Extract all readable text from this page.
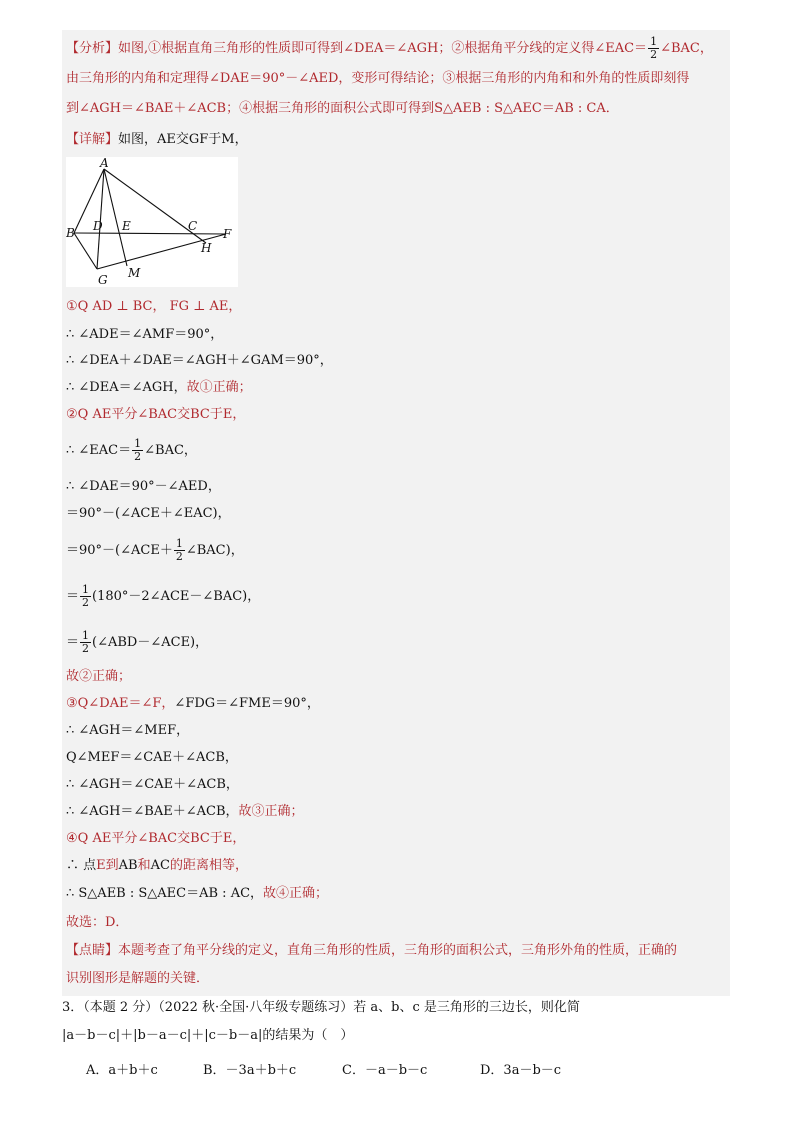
【分析】如图,①根据直角三角形的性质即可得到∠DEA＝∠AGH；②根据角平分线的定义得∠EAC＝ $\frac{1}{2}$ ∠BAC，
由三角形的内角和定理得∠DAE＝90°－∠AED，变形可得结论；③根据三角形的内角和和外角的性质即刻得
到∠AGH＝∠BAE＋∠ACB；④根据三角形的面积公式即可得到S△AEB : S△AEC＝AB : CA．
【详解】如图，AE交GF于M，
①Q AD ⊥ BC， FG ⊥ AE，
∴ ∠ADE＝∠AMF＝90°，
∴ ∠DEA＋∠DAE＝∠AGH＋∠GAM＝90°，
∴ ∠DEA＝∠AGH，故①正确；
②Q AE平分∠BAC交BC于E，
∴ ∠EAC＝ $\frac{1}{2}$ ∠BAC，
∴ ∠DAE＝90°－∠AED，
＝90°－(∠ACE＋∠EAC)，
＝90°－(∠ACE＋ $\frac{1}{2}$ ∠BAC)，
＝ $\frac{1}{2}$ (180°－2∠ACE－∠BAC)，
＝ $\frac{1}{2}$ (∠ABD－∠ACE)，
故②正确；
③Q∠DAE＝∠F，∠FDG＝∠FME＝90°，
∴ ∠AGH＝∠MEF，
Q∠MEF＝∠CAE＋∠ACB，
∴ ∠AGH＝∠CAE＋∠ACB，
∴ ∠AGH＝∠BAE＋∠ACB，故③正确；
④Q AE平分∠BAC交BC于E，
∴ 点E到AB和AC的距离相等，
∴ S△AEB : S△AEC＝AB : AC，故④正确；
故选：D．
【点睛】本题考查了角平分线的定义，直角三角形的性质，三角形的面积公式，三角形外角的性质，正确的
识别图形是解题的关键．
A
B D E	C
F
H
G M
3．（本题 2 分）（2022 秋·全国·八年级专题练习）若 a、b、c 是三角形的三边长，则化简
|a－b－c|＋|b－a－c|＋|c－b－a|的结果为（　）
A．a＋b＋c	B．－3a＋b＋c	C．－a－b－c	D．3a－b－c
